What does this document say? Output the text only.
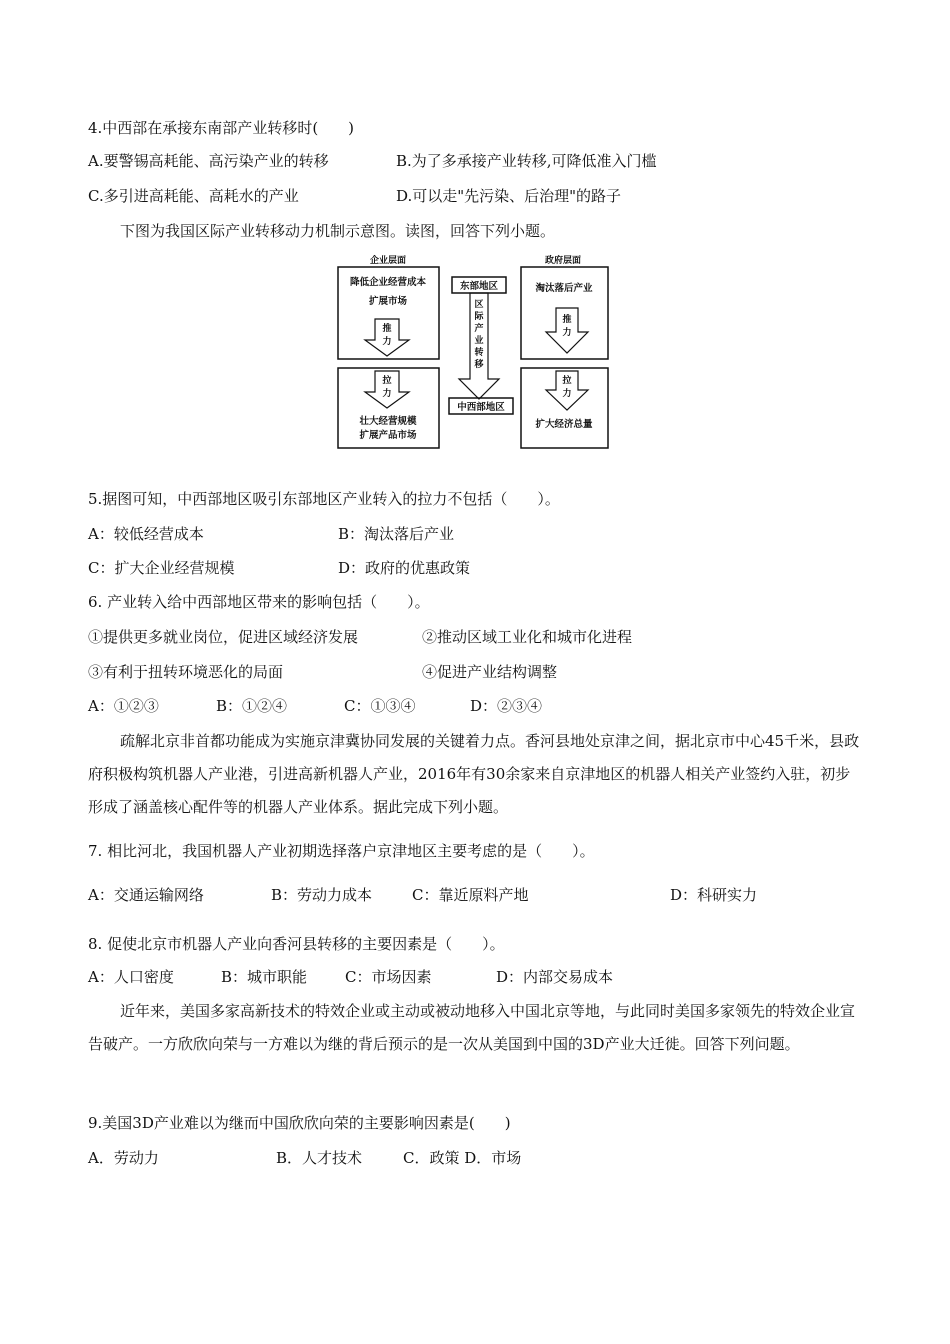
4.中西部在承接东南部产业转移时(　　)
A.要警锡高耗能、高污染产业的转移	B.为了多承接产业转移,可降低准入门槛
C.多引进高耗能、高耗水的产业	D.可以走"先污染、后治理"的路子
下图为我国区际产业转移动力机制示意图。读图，回答下列小题。
企业层面
降低企业经营成本
扩展市场
推
力
拉
力
壮大经营规模
扩展产品市场
东部地区
区
际
产
业
转
移
中西部地区
政府层面
淘汰落后产业
推
力
拉
力
扩大经济总量
5.据图可知，中西部地区吸引东部地区产业转入的拉力不包括（　　）。
A：较低经营成本	B：淘汰落后产业
C：扩大企业经营规模	D：政府的优惠政策
6. 产业转入给中西部地区带来的影响包括（　　）。
①提供更多就业岗位，促进区域经济发展	②推动区域工业化和城市化进程
③有利于扭转环境恶化的局面	④促进产业结构调整
A：①②③	B：①②④	C：①③④	D：②③④
疏解北京非首都功能成为实施京津冀协同发展的关键着力点。香河县地处京津之间，据北京市中心45千米，县政府积极构筑机器人产业港，引进高新机器人产业，2016年有30余家来自京津地区的机器人相关产业签约入驻，初步形成了涵盖核心配件等的机器人产业体系。据此完成下列小题。
7. 相比河北，我国机器人产业初期选择落户京津地区主要考虑的是（　　）。
A：交通运输网络	B：劳动力成本	C：靠近原料产地	D：科研实力
8. 促使北京市机器人产业向香河县转移的主要因素是（　　）。
A：人口密度	B：城市职能	C：市场因素	D：内部交易成本
近年来，美国多家高新技术的特效企业或主动或被动地移入中国北京等地，与此同时美国多家领先的特效企业宣告破产。一方欣欣向荣与一方难以为继的背后预示的是一次从美国到中国的3D产业大迁徙。回答下列问题。
9.美国3D产业难以为继而中国欣欣向荣的主要影响因素是(　　)
A．劳动力	B．人才技术	C．政策 D．市场
